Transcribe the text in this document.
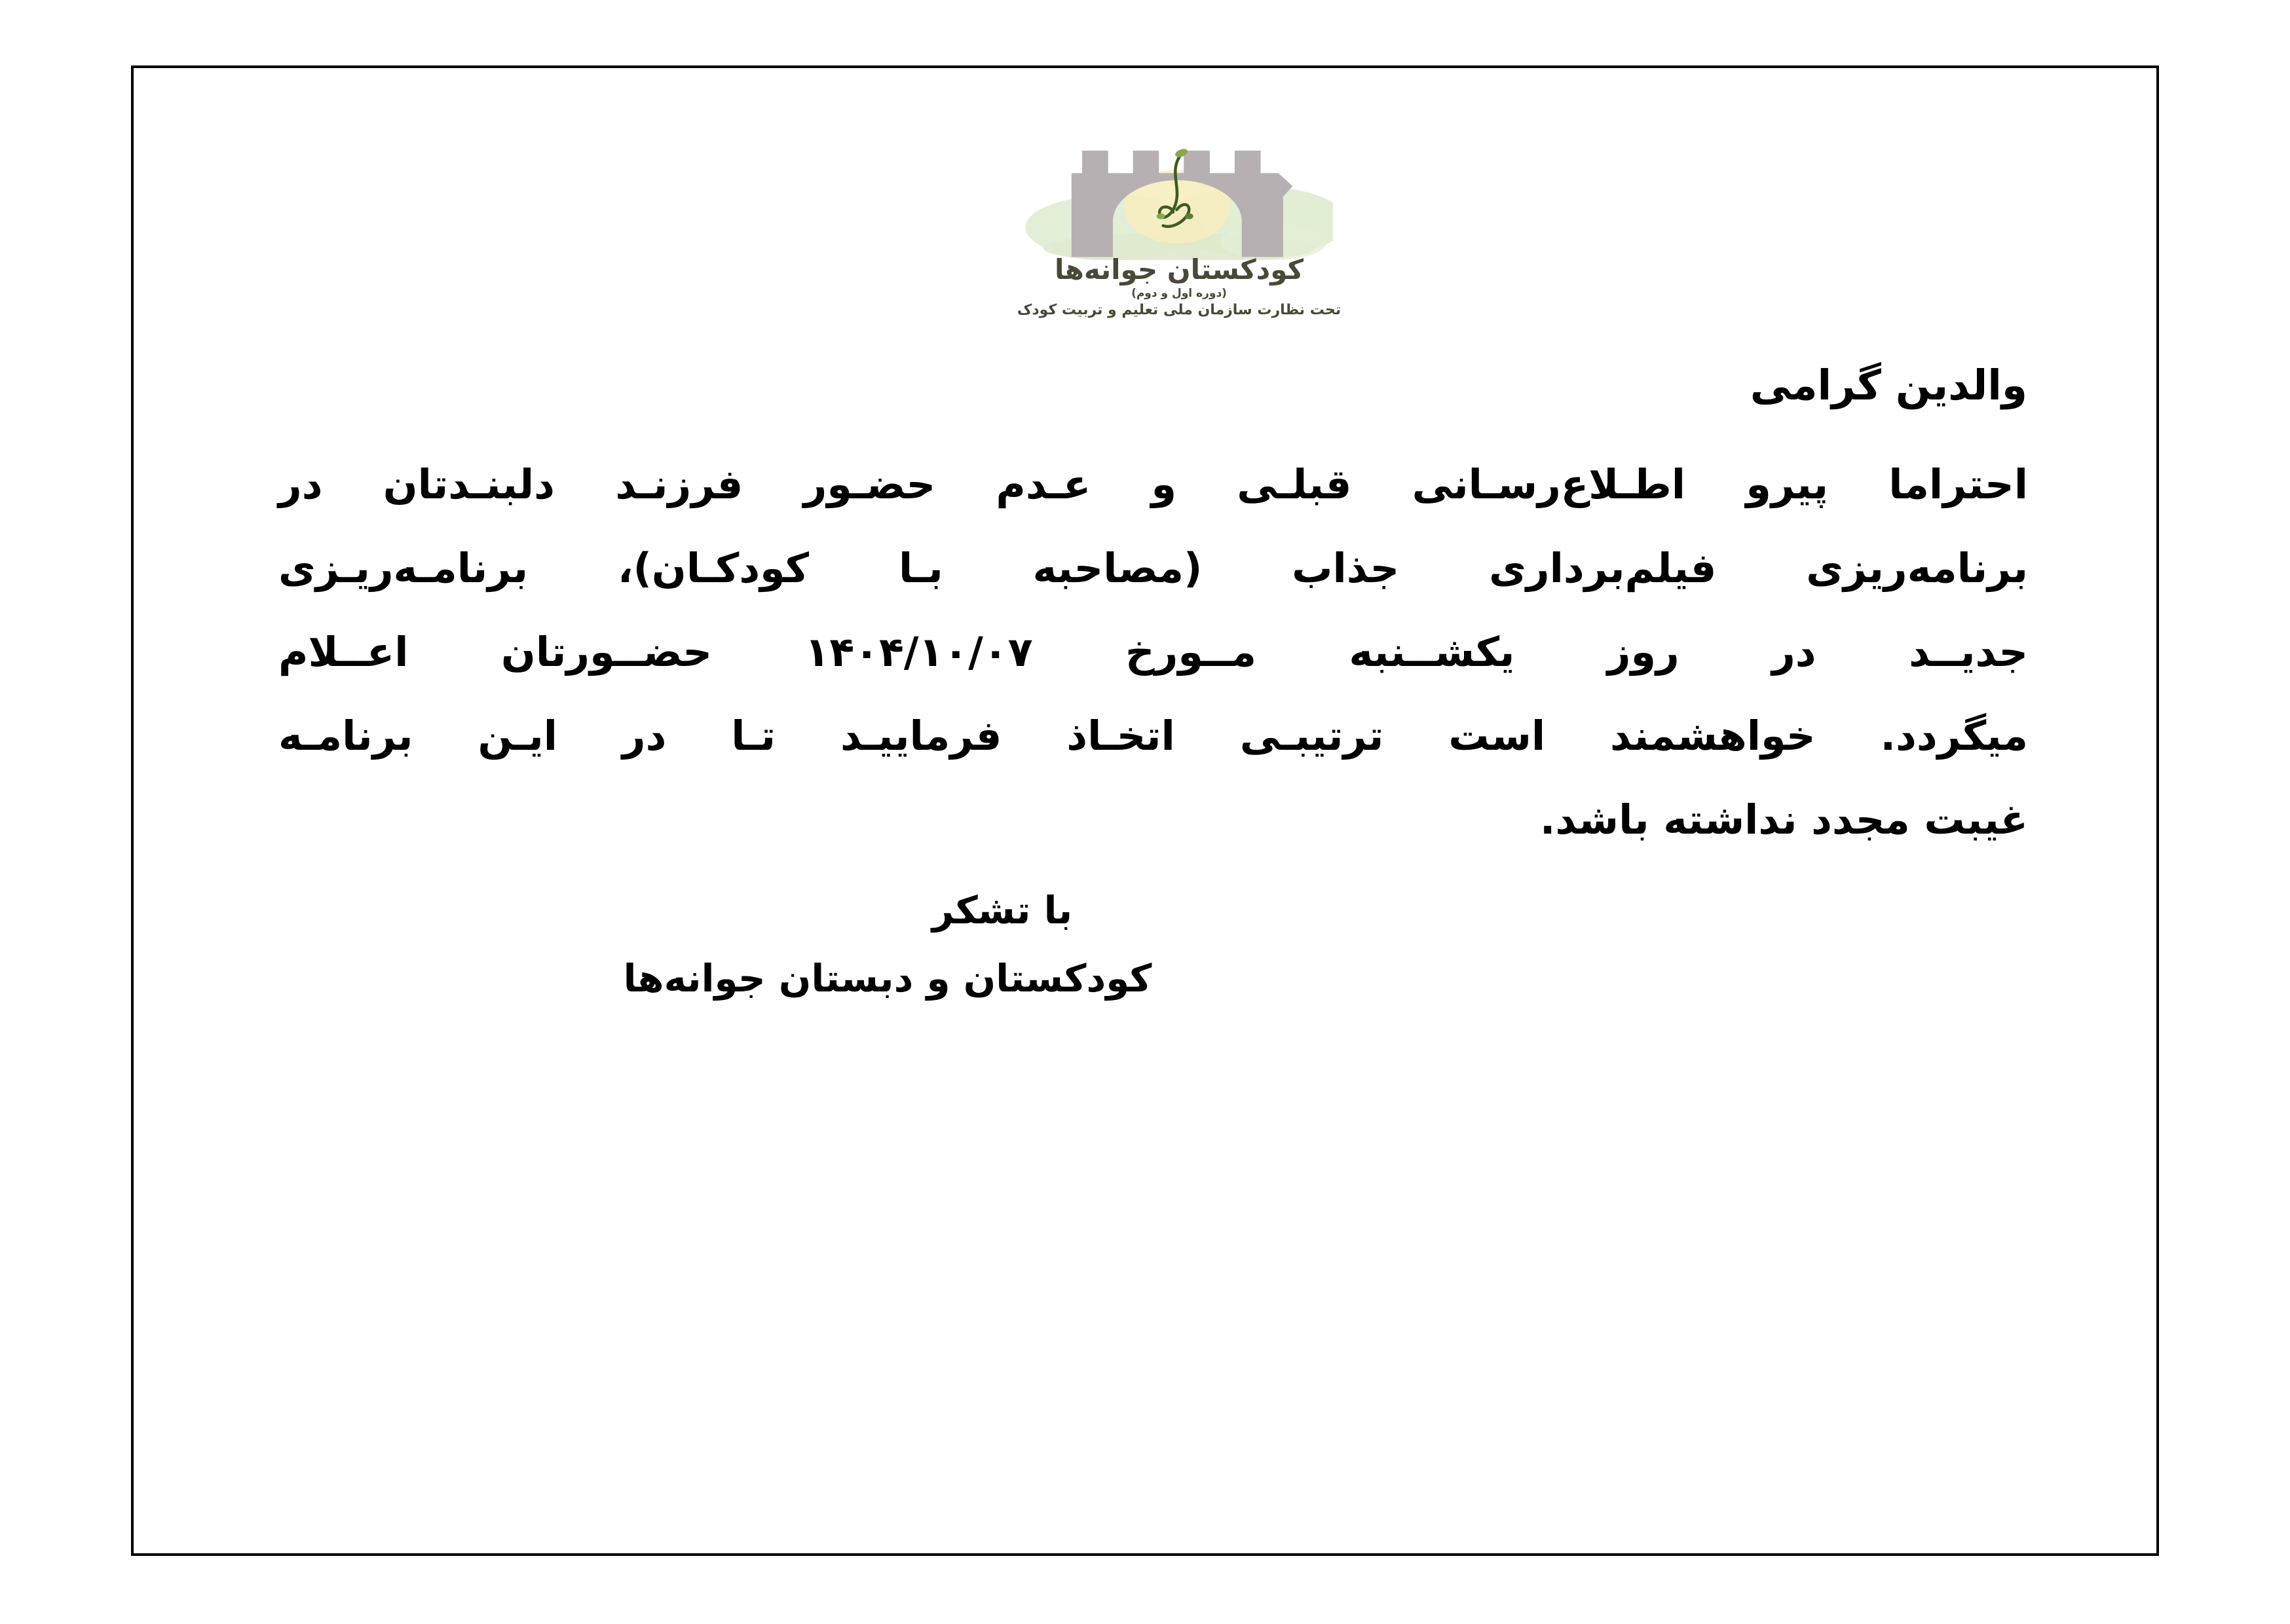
کودکستان جوانه‌ها
(دوره اول و دوم)
تحت نظارت سازمان ملی تعلیم و تربیت کودک
والدین گرامی
احتراما پیرو اطـلاع‌رسـانی قبلـی و عـدم حضـور فرزنـد دلبنـدتان در
برنامه‌ریزی فیلم‌برداری جذاب (مصاحبه بـا کودکـان)، برنامـه‌ریـزی
جدیــد در روز یکشــنبه مــورخ ۱۴۰۴/۱۰/۰۷ حضــورتان اعــلام
میگردد. خواهشمند است ترتیبـی اتخـاذ فرماییـد تـا در ایـن برنامـه
غیبت مجدد نداشته باشد.
با تشکر
کودکستان و دبستان جوانه‌ها
